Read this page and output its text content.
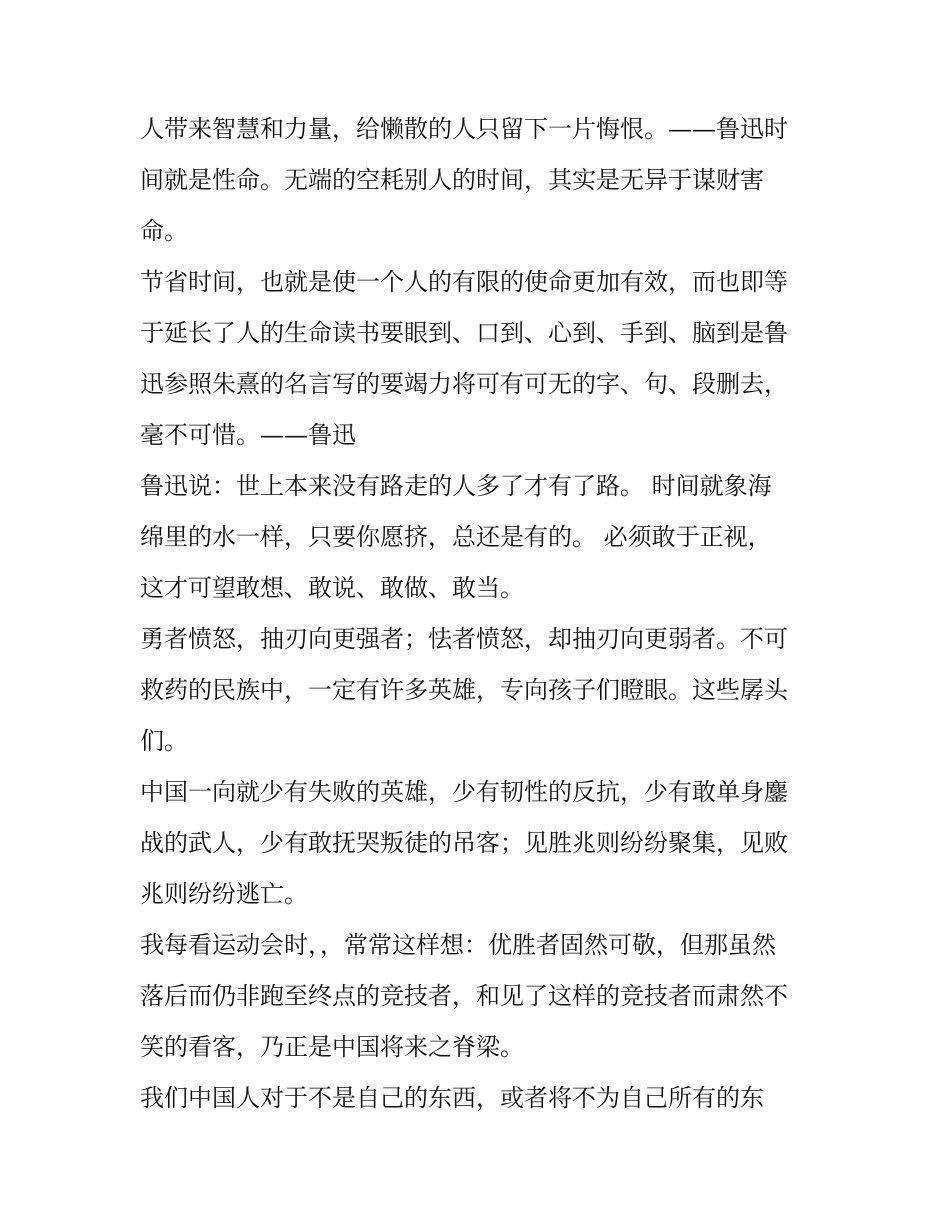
人带来智慧和力量，给懒散的人只留下一片悔恨。——鲁迅时
间就是性命。无端的空耗别人的时间，其实是无异于谋财害
命。
节省时间，也就是使一个人的有限的使命更加有效，而也即等
于延长了人的生命读书要眼到、口到、心到、手到、脑到是鲁
迅参照朱熹的名言写的要竭力将可有可无的字、句、段删去，
毫不可惜。——鲁迅
鲁迅说：世上本来没有路走的人多了才有了路。 时间就象海
绵里的水一样，只要你愿挤，总还是有的。 必须敢于正视，
这才可望敢想、敢说、敢做、敢当。
勇者愤怒，抽刃向更强者；怯者愤怒，却抽刃向更弱者。不可
救药的民族中，一定有许多英雄，专向孩子们瞪眼。这些孱头
们。
中国一向就少有失败的英雄，少有韧性的反抗，少有敢单身鏖
战的武人，少有敢抚哭叛徒的吊客；见胜兆则纷纷聚集，见败
兆则纷纷逃亡。
我每看运动会时，，常常这样想：优胜者固然可敬，但那虽然
落后而仍非跑至终点的竞技者，和见了这样的竞技者而肃然不
笑的看客，乃正是中国将来之脊梁。
我们中国人对于不是自己的东西，或者将不为自己所有的东
